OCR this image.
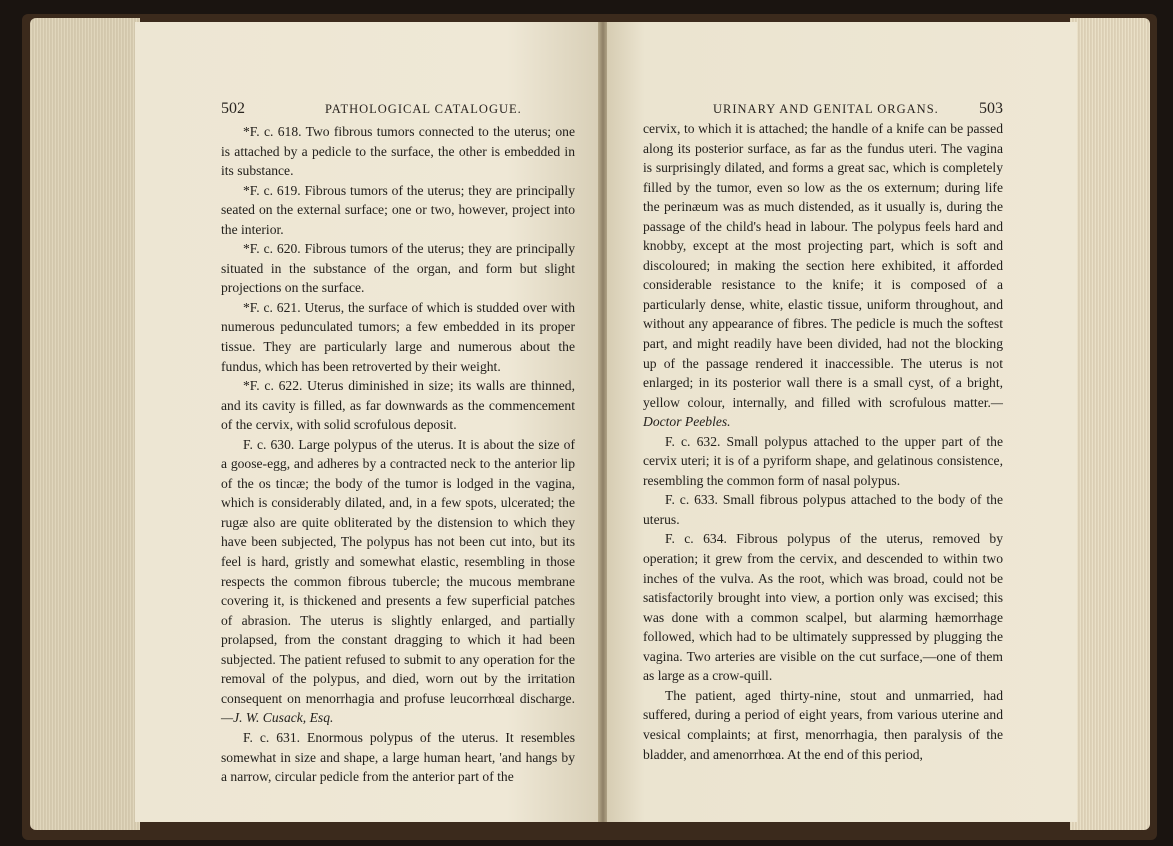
502	PATHOLOGICAL CATALOGUE.

*F. c. 618. Two fibrous tumors connected to the uterus; one is attached by a pedicle to the surface, the other is embedded in its substance.

*F. c. 619. Fibrous tumors of the uterus; they are principally seated on the external surface; one or two, however, project into the interior.

*F. c. 620. Fibrous tumors of the uterus; they are principally situated in the substance of the organ, and form but slight projections on the surface.

*F. c. 621. Uterus, the surface of which is studded over with numerous pedunculated tumors; a few embedded in its proper tissue. They are particularly large and numerous about the fundus, which has been retroverted by their weight.

*F. c. 622. Uterus diminished in size; its walls are thinned, and its cavity is filled, as far downwards as the commencement of the cervix, with solid scrofulous deposit.

F. c. 630. Large polypus of the uterus. It is about the size of a goose-egg, and adheres by a contracted neck to the anterior lip of the os tincæ; the body of the tumor is lodged in the vagina, which is considerably dilated, and, in a few spots, ulcerated; the rugæ also are quite obliterated by the distension to which they have been subjected, The polypus has not been cut into, but its feel is hard, gristly and somewhat elastic, resembling in those respects the common fibrous tubercle; the mucous membrane covering it, is thickened and presents a few superficial patches of abrasion. The uterus is slightly enlarged, and partially prolapsed, from the constant dragging to which it had been subjected. The patient refused to submit to any operation for the removal of the polypus, and died, worn out by the irritation consequent on menorrhagia and profuse leucorrhœal discharge.—J. W. Cusack, Esq.

F. c. 631. Enormous polypus of the uterus. It resembles somewhat in size and shape, a large human heart, 'and hangs by a narrow, circular pedicle from the anterior part of the

URINARY AND GENITAL ORGANS.	503

cervix, to which it is attached; the handle of a knife can be passed along its posterior surface, as far as the fundus uteri. The vagina is surprisingly dilated, and forms a great sac, which is completely filled by the tumor, even so low as the os externum; during life the perinæum was as much distended, as it usually is, during the passage of the child's head in labour. The polypus feels hard and knobby, except at the most projecting part, which is soft and discoloured; in making the section here exhibited, it afforded considerable resistance to the knife; it is composed of a particularly dense, white, elastic tissue, uniform throughout, and without any appearance of fibres. The pedicle is much the softest part, and might readily have been divided, had not the blocking up of the passage rendered it inaccessible. The uterus is not enlarged; in its posterior wall there is a small cyst, of a bright, yellow colour, internally, and filled with scrofulous matter.—Doctor Peebles.

F. c. 632. Small polypus attached to the upper part of the cervix uteri; it is of a pyriform shape, and gelatinous consistence, resembling the common form of nasal polypus.

F. c. 633. Small fibrous polypus attached to the body of the uterus.

F. c. 634. Fibrous polypus of the uterus, removed by operation; it grew from the cervix, and descended to within two inches of the vulva. As the root, which was broad, could not be satisfactorily brought into view, a portion only was excised; this was done with a common scalpel, but alarming hæmorrhage followed, which had to be ultimately suppressed by plugging the vagina. Two arteries are visible on the cut surface,—one of them as large as a crow-quill.

The patient, aged thirty-nine, stout and unmarried, had suffered, during a period of eight years, from various uterine and vesical complaints; at first, menorrhagia, then paralysis of the bladder, and amenorrhœa. At the end of this period,
